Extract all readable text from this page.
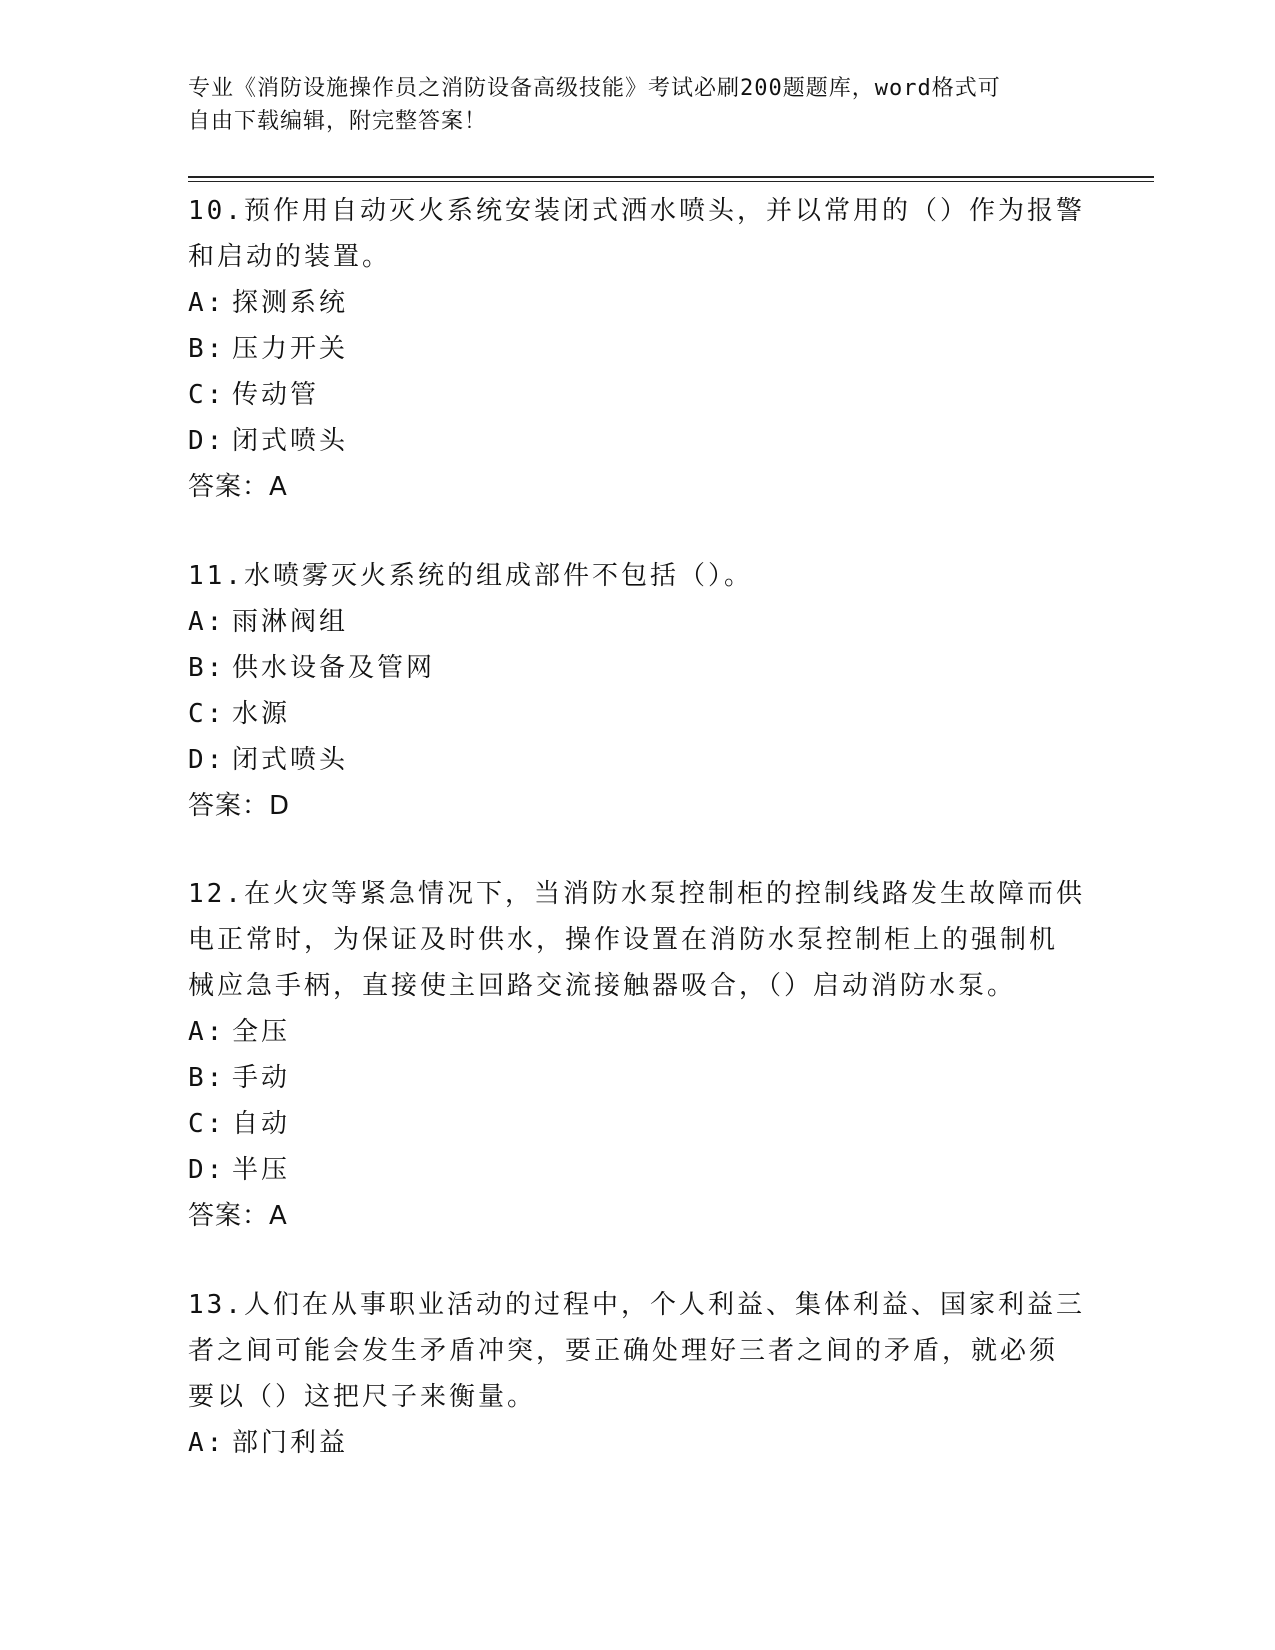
专业《消防设施操作员之消防设备高级技能》考试必刷200题题库，word格式可
自由下载编辑，附完整答案！

10.预作用自动灭火系统安装闭式洒水喷头，并以常用的（）作为报警

和启动的装置。

A: 探测系统

B: 压力开关

C: 传动管

D: 闭式喷头

答案：A

11.水喷雾灭火系统的组成部件不包括（）。

A: 雨淋阀组

B: 供水设备及管网

C: 水源

D: 闭式喷头

答案：D

12.在火灾等紧急情况下，当消防水泵控制柜的控制线路发生故障而供

电正常时，为保证及时供水，操作设置在消防水泵控制柜上的强制机

械应急手柄，直接使主回路交流接触器吸合，（）启动消防水泵。

A: 全压

B: 手动

C: 自动

D: 半压

答案：A

13.人们在从事职业活动的过程中，个人利益、集体利益、国家利益三

者之间可能会发生矛盾冲突，要正确处理好三者之间的矛盾，就必须

要以（）这把尺子来衡量。

A: 部门利益
